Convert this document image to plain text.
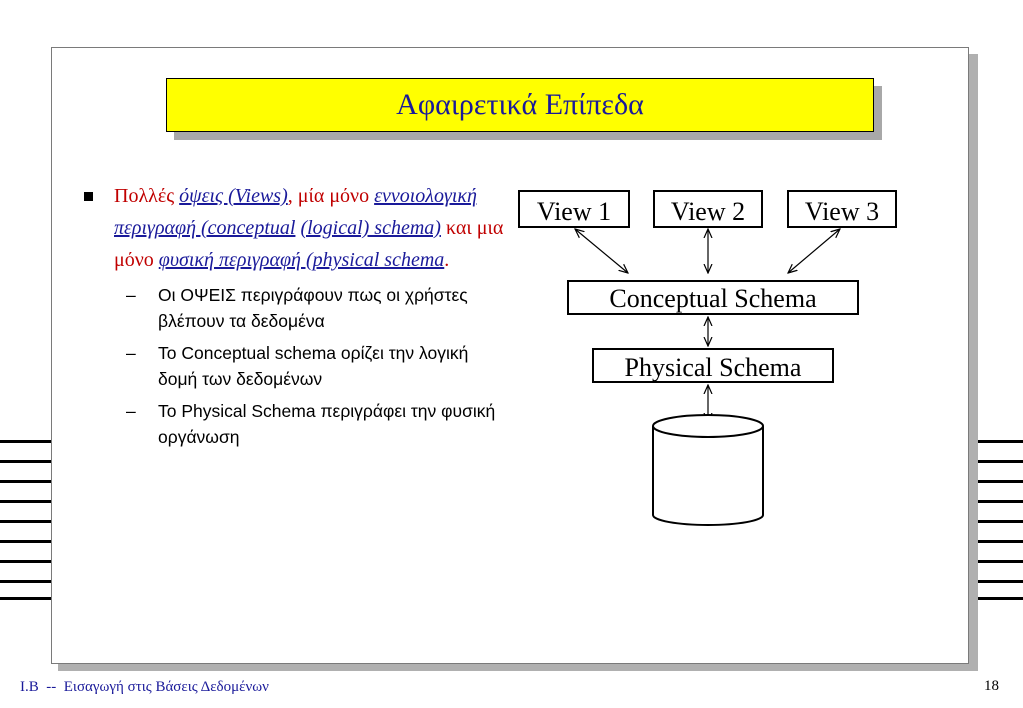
Αφαιρετικά Επίπεδα
Πολλές όψεις (Views), μία μόνο εννοιολογική περιγραφή (conceptual (logical) schema) και μια μόνο φυσική περιγραφή (physical schema.
– Οι ΟΨΕΙΣ περιγράφουν πως οι χρήστες βλέπουν τα δεδομένα
– Το Conceptual schema ορίζει την λογική δομή των δεδομένων
– Το Physical Schema περιγράφει την φυσική οργάνωση
View 1 View 2 View 3
Conceptual Schema
Physical Schema
I.B  --  Εισαγωγή στις Βάσεις Δεδομένων	18
